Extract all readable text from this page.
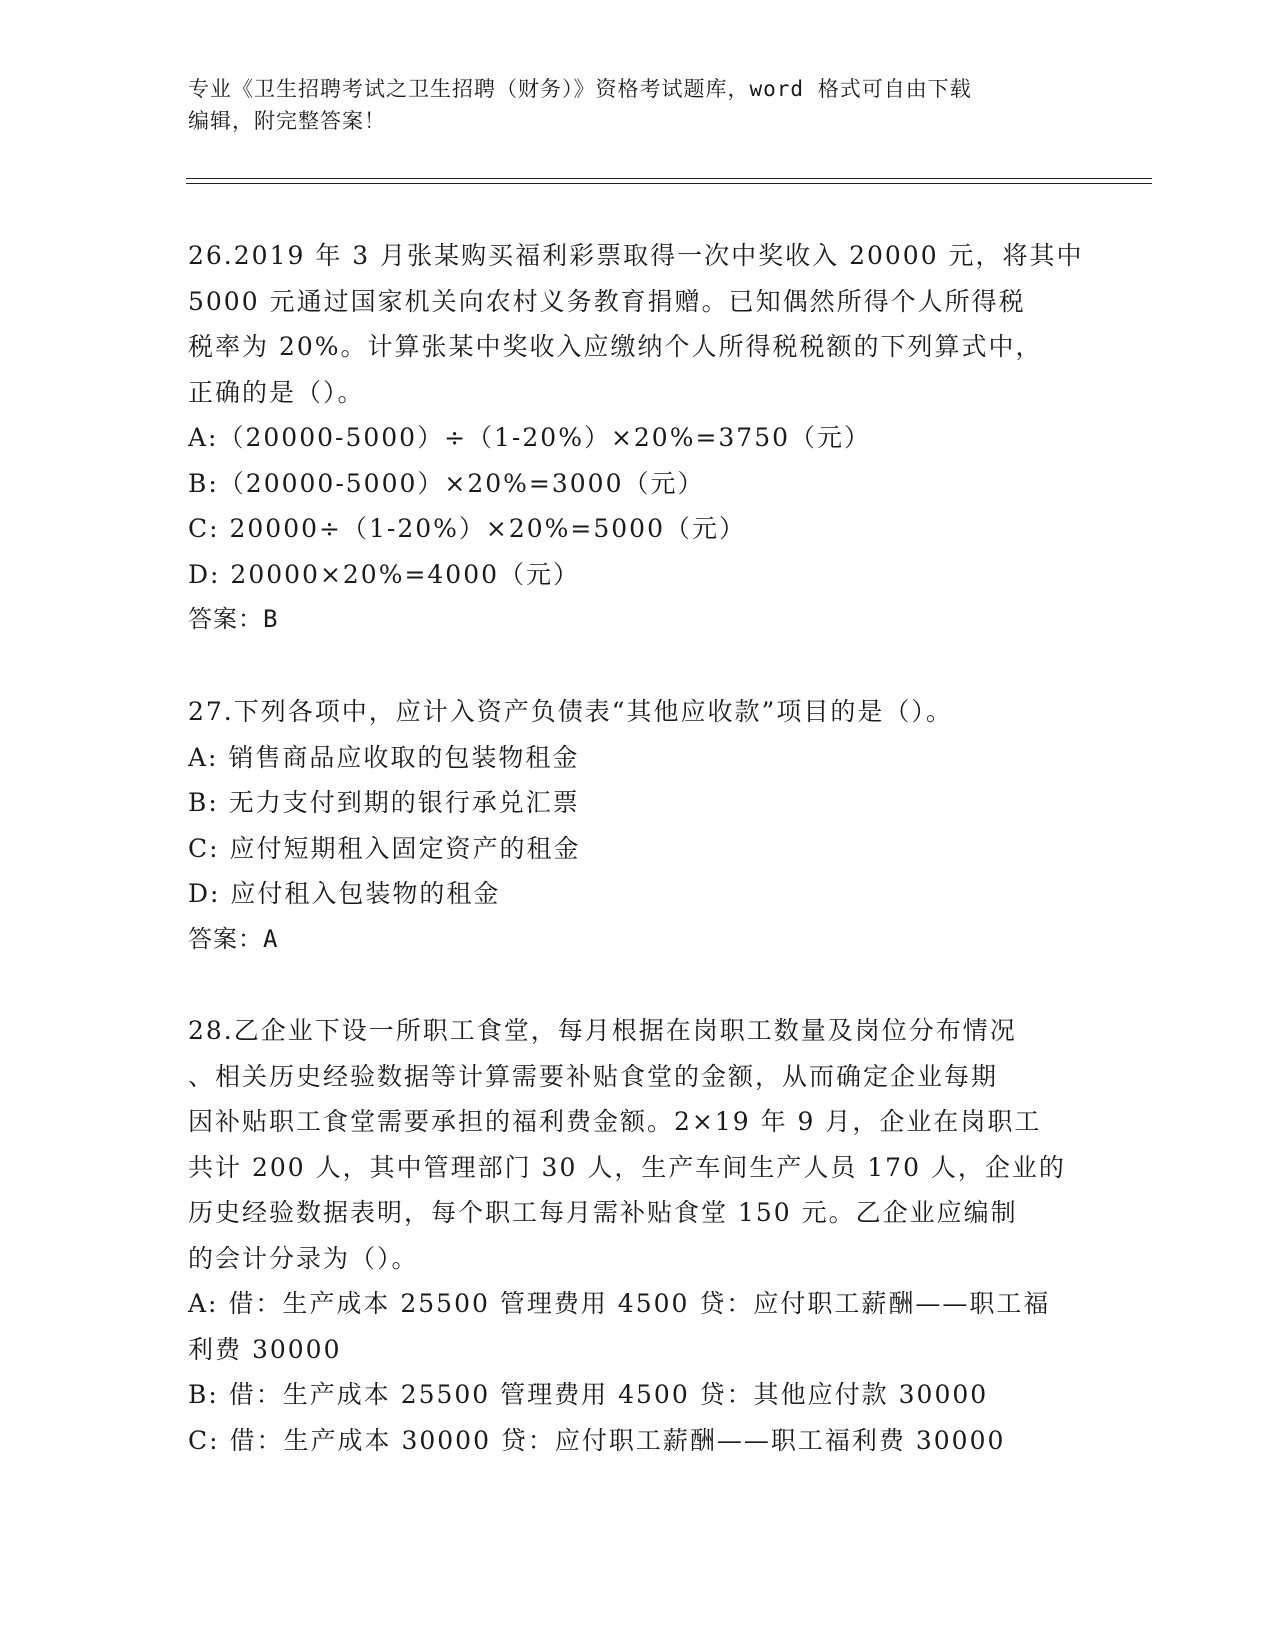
专业《卫生招聘考试之卫生招聘（财务）》资格考试题库，word 格式可自由下载
编辑，附完整答案！
26.2019 年 3 月张某购买福利彩票取得一次中奖收入 20000 元，将其中
5000 元通过国家机关向农村义务教育捐赠。已知偶然所得个人所得税
税率为 20%。计算张某中奖收入应缴纳个人所得税税额的下列算式中，
正确的是（）。
A:（20000-5000）÷（1-20%）×20%=3750（元）
B:（20000-5000）×20%=3000（元）
C: 20000÷（1-20%）×20%=5000（元）
D: 20000×20%=4000（元）
答案：B
27.下列各项中，应计入资产负债表“其他应收款”项目的是（）。
A: 销售商品应收取的包装物租金
B: 无力支付到期的银行承兑汇票
C: 应付短期租入固定资产的租金
D: 应付租入包装物的租金
答案：A
28.乙企业下设一所职工食堂，每月根据在岗职工数量及岗位分布情况
、相关历史经验数据等计算需要补贴食堂的金额，从而确定企业每期
因补贴职工食堂需要承担的福利费金额。2×19 年 9 月，企业在岗职工
共计 200 人，其中管理部门 30 人，生产车间生产人员 170 人，企业的
历史经验数据表明，每个职工每月需补贴食堂 150 元。乙企业应编制
的会计分录为（）。
A: 借：生产成本 25500 管理费用 4500 贷：应付职工薪酬——职工福
利费 30000
B: 借：生产成本 25500 管理费用 4500 贷：其他应付款 30000
C: 借：生产成本 30000 贷：应付职工薪酬——职工福利费 30000
